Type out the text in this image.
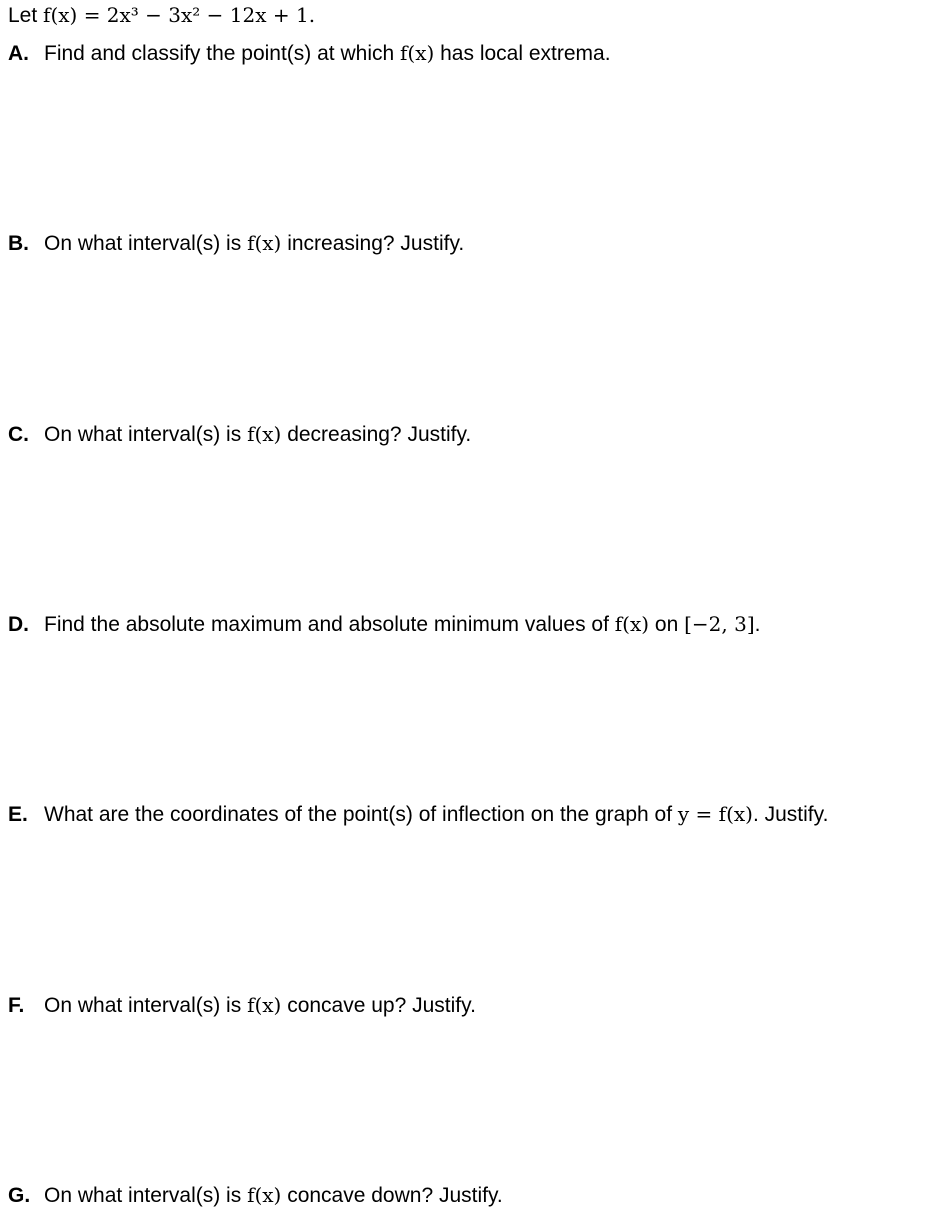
Let f(x) = 2x³ − 3x² − 12x + 1.
A. Find and classify the point(s) at which f(x) has local extrema.
B. On what interval(s) is f(x) increasing? Justify.
C. On what interval(s) is f(x) decreasing? Justify.
D. Find the absolute maximum and absolute minimum values of f(x) on [−2, 3].
E. What are the coordinates of the point(s) of inflection on the graph of y = f(x). Justify.
F. On what interval(s) is f(x) concave up? Justify.
G. On what interval(s) is f(x) concave down? Justify.
